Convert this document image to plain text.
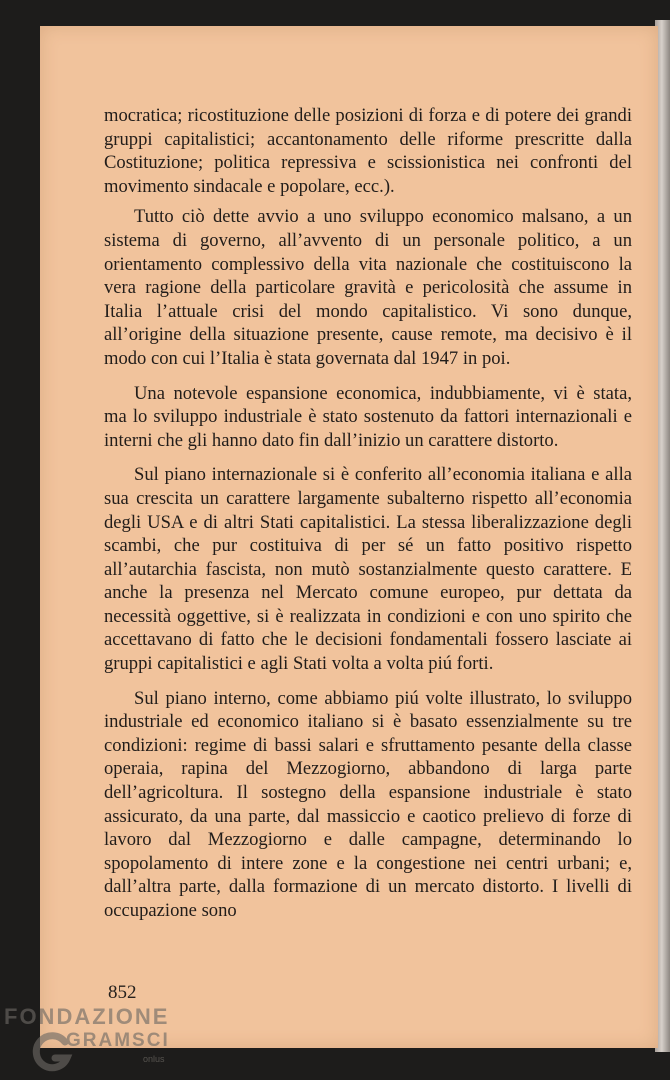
mocratica; ricostituzione delle posizioni di forza e di potere dei grandi gruppi capitalistici; accantonamento delle riforme prescritte dalla Costituzione; politica repressiva e scissionistica nei confronti del movimento sindacale e popolare, ecc.).

Tutto ciò dette avvio a uno sviluppo economico malsano, a un sistema di governo, all’avvento di un personale politico, a un orientamento complessivo della vita nazionale che costituiscono la vera ragione della particolare gravità e pericolosità che assume in Italia l’attuale crisi del mondo capitalistico. Vi sono dunque, all’origine della situazione presente, cause remote, ma decisivo è il modo con cui l’Italia è stata governata dal 1947 in poi.

Una notevole espansione economica, indubbiamente, vi è stata, ma lo sviluppo industriale è stato sostenuto da fattori internazionali e interni che gli hanno dato fin dall’inizio un carattere distorto.

Sul piano internazionale si è conferito all’economia italiana e alla sua crescita un carattere largamente subalterno rispetto all’economia degli USA e di altri Stati capitalistici. La stessa liberalizzazione degli scambi, che pur costituiva di per sé un fatto positivo rispetto all’autarchia fascista, non mutò sostanzialmente questo carattere. E anche la presenza nel Mercato comune europeo, pur dettata da necessità oggettive, si è realizzata in condizioni e con uno spirito che accettavano di fatto che le decisioni fondamentali fossero lasciate ai gruppi capitalistici e agli Stati volta a volta piú forti.

Sul piano interno, come abbiamo piú volte illustrato, lo sviluppo industriale ed economico italiano si è basato essenzialmente su tre condizioni: regime di bassi salari e sfruttamento pesante della classe operaia, rapina del Mezzogiorno, abbandono di larga parte dell’agricoltura. Il sostegno della espansione industriale è stato assicurato, da una parte, dal massiccio e caotico prelievo di forze di lavoro dal Mezzogiorno e dalle campagne, determinando lo spopolamento di intere zone e la congestione nei centri urbani; e, dall’altra parte, dalla formazione di un mercato distorto. I livelli di occupazione sono

852
FONDAZIONE
GRAMSCI
onlus
